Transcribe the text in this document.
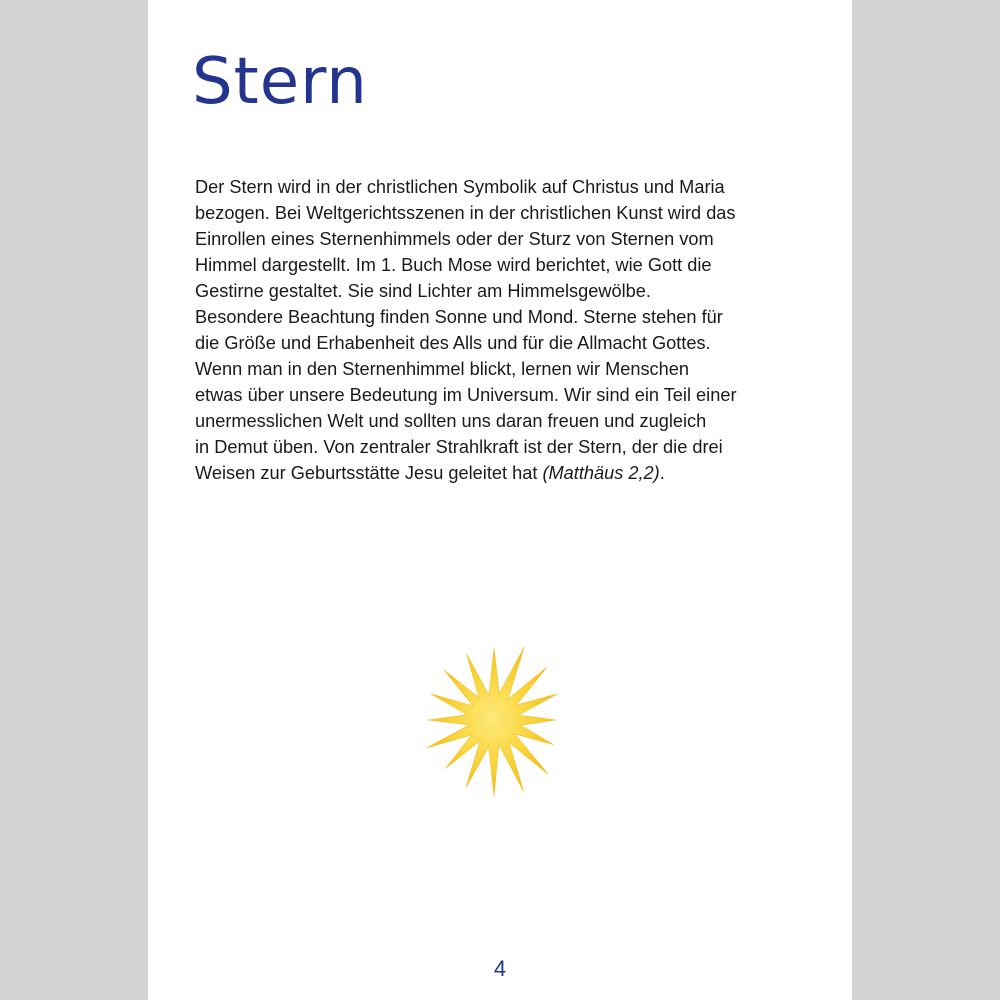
Stern

Der Stern wird in der christlichen Symbolik auf Christus und Maria
bezogen. Bei Weltgerichtsszenen in der christlichen Kunst wird das
Einrollen eines Sternenhimmels oder der Sturz von Sternen vom
Himmel dargestellt. Im 1. Buch Mose wird berichtet, wie Gott die
Gestirne gestaltet. Sie sind Lichter am Himmelsgewölbe.
Besondere Beachtung finden Sonne und Mond. Sterne stehen für
die Größe und Erhabenheit des Alls und für die Allmacht Gottes.
Wenn man in den Sternenhimmel blickt, lernen wir Menschen
etwas über unsere Bedeutung im Universum. Wir sind ein Teil einer
unermesslichen Welt und sollten uns daran freuen und zugleich
in Demut üben. Von zentraler Strahlkraft ist der Stern, der die drei
Weisen zur Geburtsstätte Jesu geleitet hat (Matthäus 2,2).

4
